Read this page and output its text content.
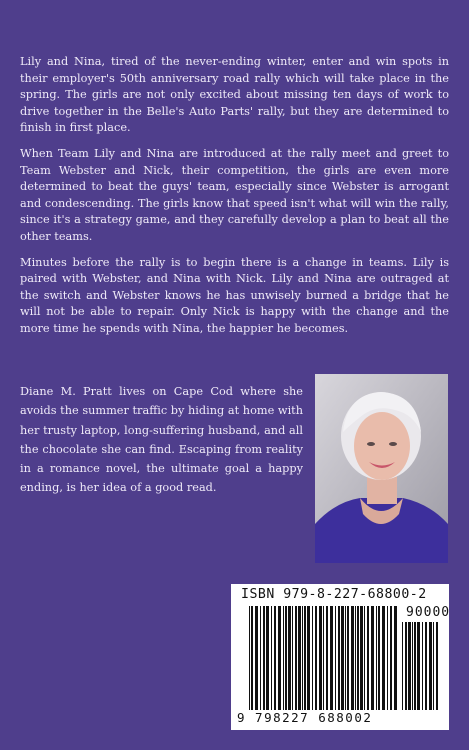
Lily and Nina, tired of the never-ending winter, enter and win spots in their employer's 50th anniversary road rally which will take place in the spring. The girls are not only excited about missing ten days of work to drive together in the Belle's Auto Parts' rally, but they are determined to finish in first place.

When Team Lily and Nina are introduced at the rally meet and greet to Team Webster and Nick, their competition, the girls are even more determined to beat the guys' team, especially since Webster is arrogant and condescending. The girls know that speed isn't what will win the rally, since it's a strategy game, and they carefully develop a plan to beat all the other teams.

Minutes before the rally is to begin there is a change in teams. Lily is paired with Webster, and Nina with Nick. Lily and Nina are outraged at the switch and Webster knows he has unwisely burned a bridge that he will not be able to repair. Only Nick is happy with the change and the more time he spends with Nina, the happier he becomes.

Diane M. Pratt lives on Cape Cod where she avoids the summer traffic by hiding at home with her trusty laptop, long-suffering husband, and all the chocolate she can find. Escaping from reality in a romance novel, the ultimate goal a happy ending, is her idea of a good read.

ISBN 979-8-227-68800-2
90000
9 798227 688002
